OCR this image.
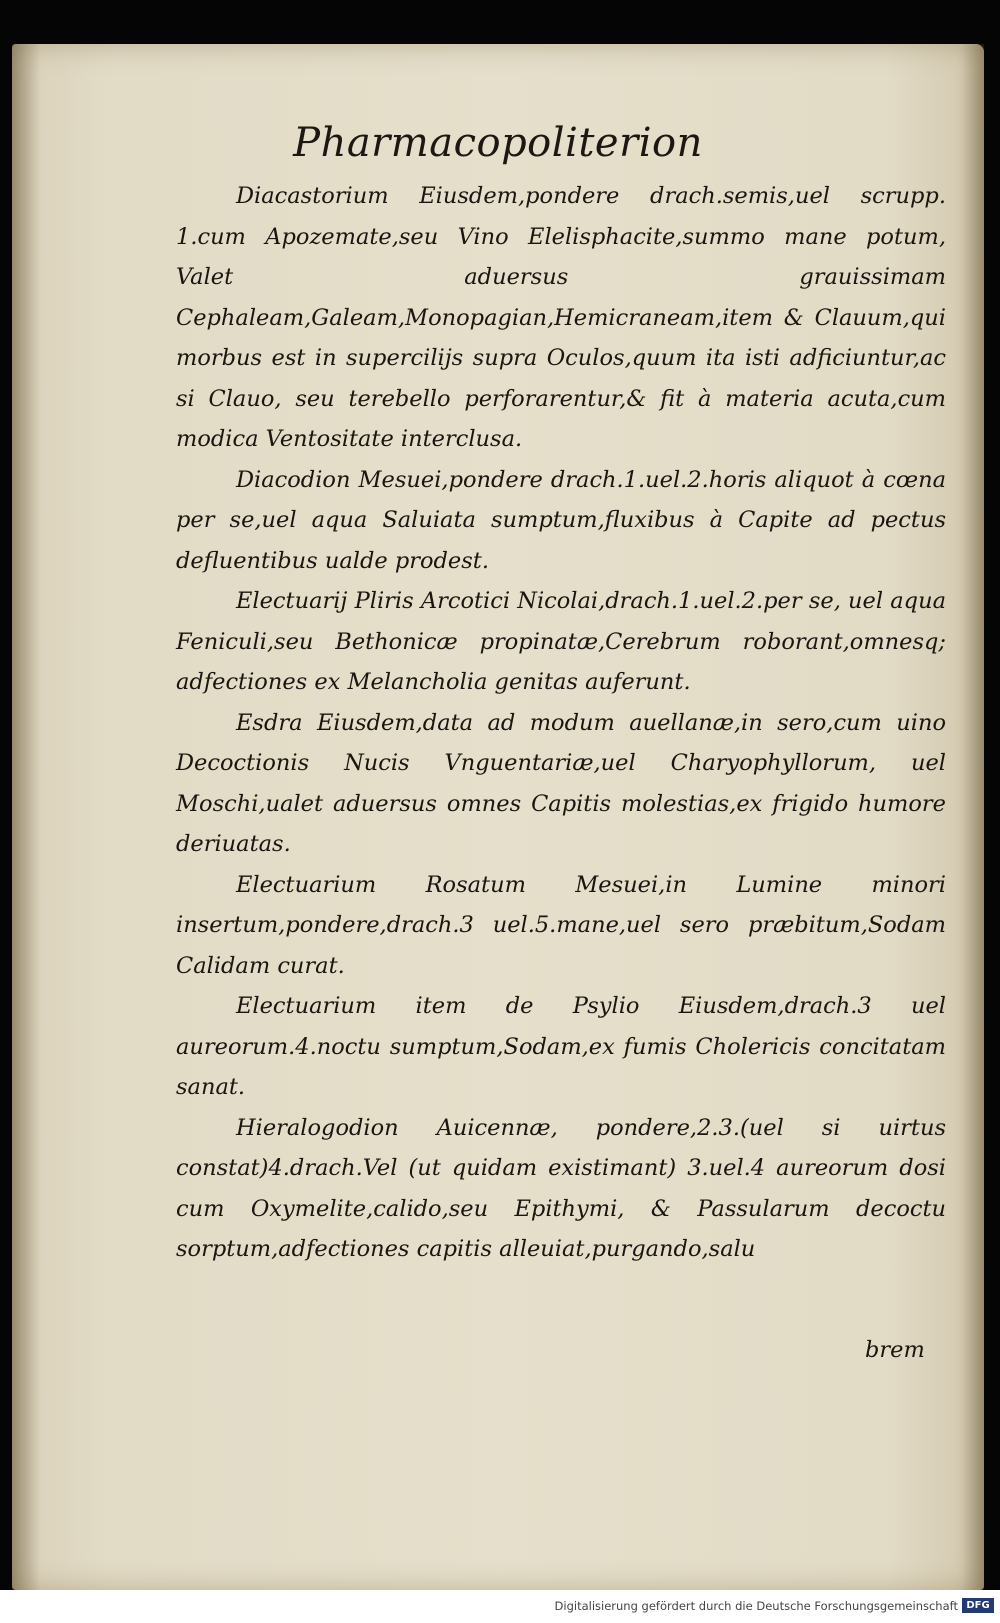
Pharmacopoliterion

Diacastorium Eiusdem,pondere drach.semis,uel scrupp. 1.cum Apozemate,seu Vino Elelisphacite,summo mane potum, Valet aduersus grauissimam Cephaleam,Galeam,Monopagian,Hemicraneam,item & Clauum,qui morbus est in supercilijs supra Oculos,quum ita isti adficiuntur,ac si Clauo, seu terebello perforarentur,& fit à materia acuta,cum modica Ventositate interclusa.

Diacodion Mesuei,pondere drach.1.uel.2.horis aliquot à cœna per se,uel aqua Saluiata sumptum,fluxibus à Capite ad pectus defluentibus ualde prodest.

Electuarij Pliris Arcotici Nicolai,drach.1.uel.2.per se, uel aqua Feniculi,seu Bethonicæ propinatæ,Cerebrum roborant,omnesq; adfectiones ex Melancholia genitas auferunt.

Esdra Eiusdem,data ad modum auellanæ,in sero,cum uino Decoctionis Nucis Vnguentariæ,uel Charyophyllorum, uel Moschi,ualet aduersus omnes Capitis molestias,ex frigido humore deriuatas.

Electuarium Rosatum Mesuei,in Lumine minori insertum,pondere,drach.3 uel.5.mane,uel sero præbitum,Sodam Calidam curat.

Electuarium item de Psylio Eiusdem,drach.3 uel aureorum.4.noctu sumptum,Sodam,ex fumis Cholericis concitatam sanat.

Hieralogodion Auicennæ, pondere,2.3.(uel si uirtus constat)4.drach.Vel (ut quidam existimant) 3.uel.4 aureorum dosi cum Oxymelite,calido,seu Epithymi, & Passularum decoctu sorptum,adfectiones capitis alleuiat,purgando,salu

brem
Digitalisierung gefördert durch die Deutsche Forschungsgemeinschaft DFG
